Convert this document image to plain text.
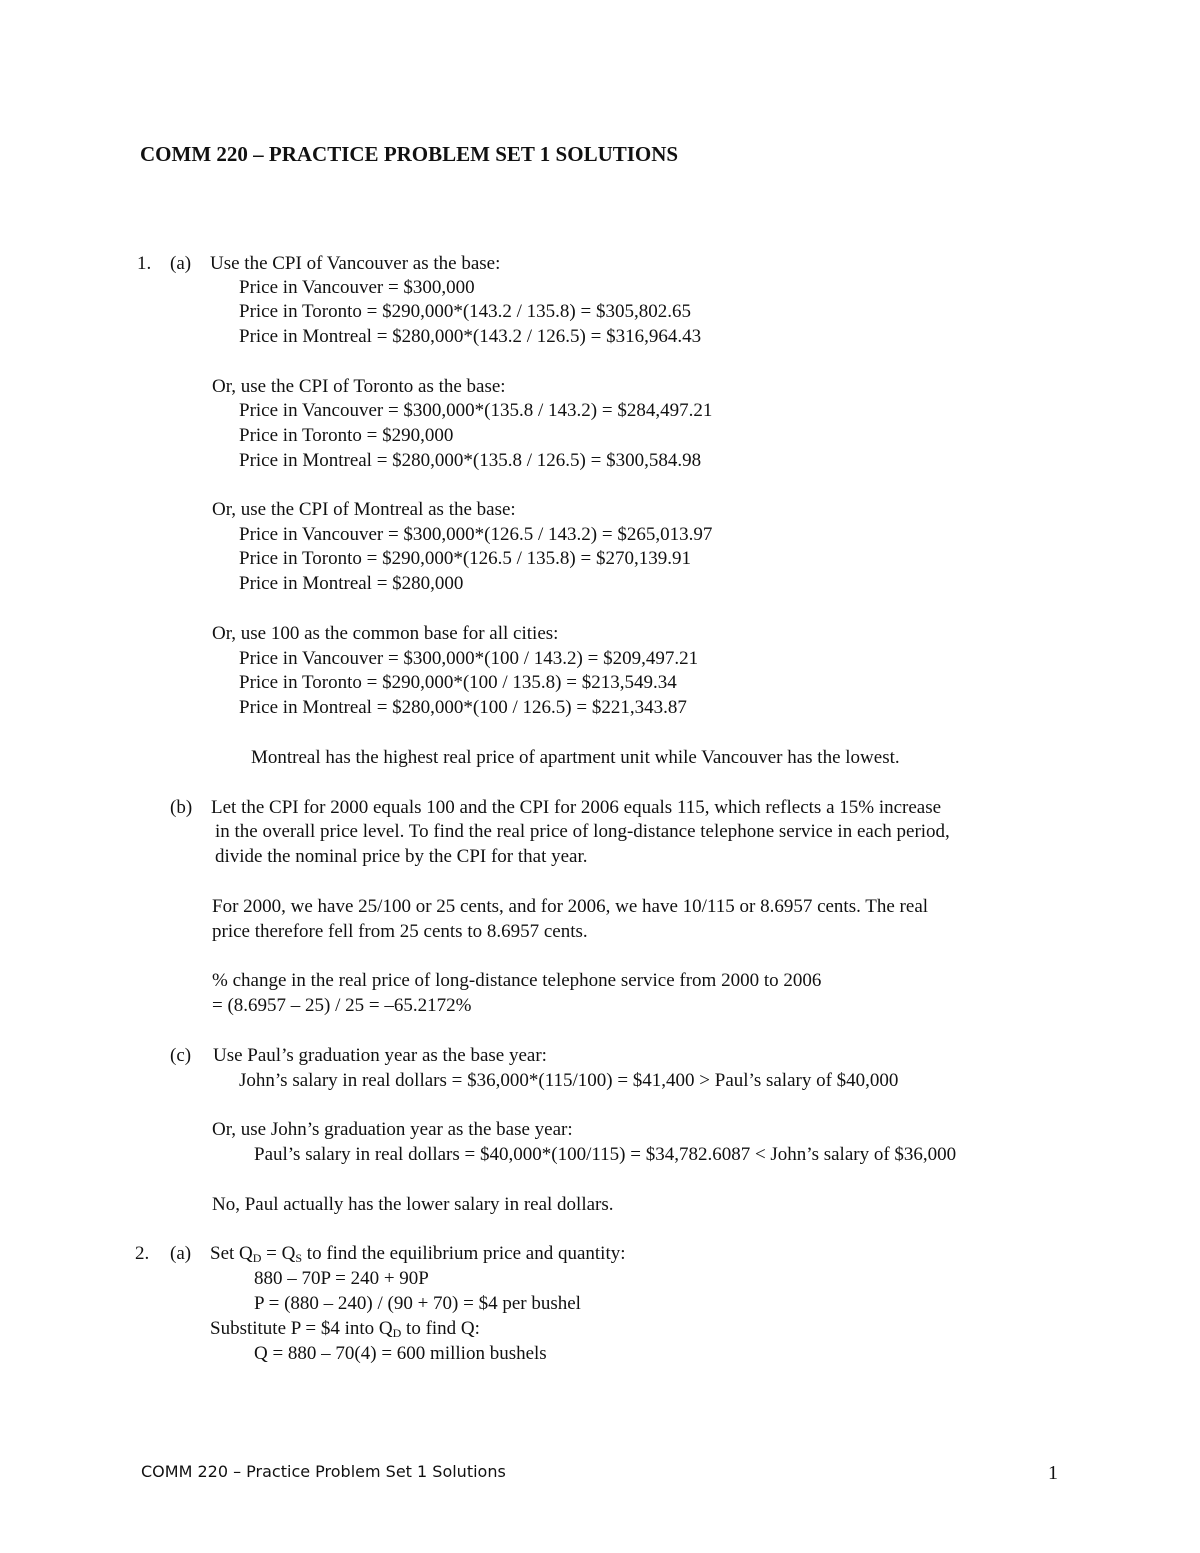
COMM 220 – PRACTICE PROBLEM SET 1 SOLUTIONS
1. (a) Use the CPI of Vancouver as the base:
Price in Vancouver = $300,000
Price in Toronto = $290,000*(143.2 / 135.8) = $305,802.65
Price in Montreal = $280,000*(143.2 / 126.5) = $316,964.43
Or, use the CPI of Toronto as the base:
Price in Vancouver = $300,000*(135.8 / 143.2) = $284,497.21
Price in Toronto = $290,000
Price in Montreal = $280,000*(135.8 / 126.5) = $300,584.98
Or, use the CPI of Montreal as the base:
Price in Vancouver = $300,000*(126.5 / 143.2) = $265,013.97
Price in Toronto = $290,000*(126.5 / 135.8) = $270,139.91
Price in Montreal = $280,000
Or, use 100 as the common base for all cities:
Price in Vancouver = $300,000*(100 / 143.2) = $209,497.21
Price in Toronto = $290,000*(100 / 135.8) = $213,549.34
Price in Montreal = $280,000*(100 / 126.5) = $221,343.87
Montreal has the highest real price of apartment unit while Vancouver has the lowest.
(b) Let the CPI for 2000 equals 100 and the CPI for 2006 equals 115, which reflects a 15% increase
in the overall price level. To find the real price of long-distance telephone service in each period,
divide the nominal price by the CPI for that year.
For 2000, we have 25/100 or 25 cents, and for 2006, we have 10/115 or 8.6957 cents. The real
price therefore fell from 25 cents to 8.6957 cents.
% change in the real price of long-distance telephone service from 2000 to 2006
= (8.6957 – 25) / 25 = –65.2172%
(c) Use Paul’s graduation year as the base year:
John’s salary in real dollars = $36,000*(115/100) = $41,400 > Paul’s salary of $40,000
Or, use John’s graduation year as the base year:
Paul’s salary in real dollars = $40,000*(100/115) = $34,782.6087 < John’s salary of $36,000
No, Paul actually has the lower salary in real dollars.
2. (a) Set $Q_D = Q_S$ to find the equilibrium price and quantity:
880 – 70P = 240 + 90P
P = (880 – 240) / (90 + 70) = $4 per bushel
Substitute P = $4 into $Q_D$ to find Q:
Q = 880 – 70(4) = 600 million bushels
COMM 220 – Practice Problem Set 1 Solutions	1
